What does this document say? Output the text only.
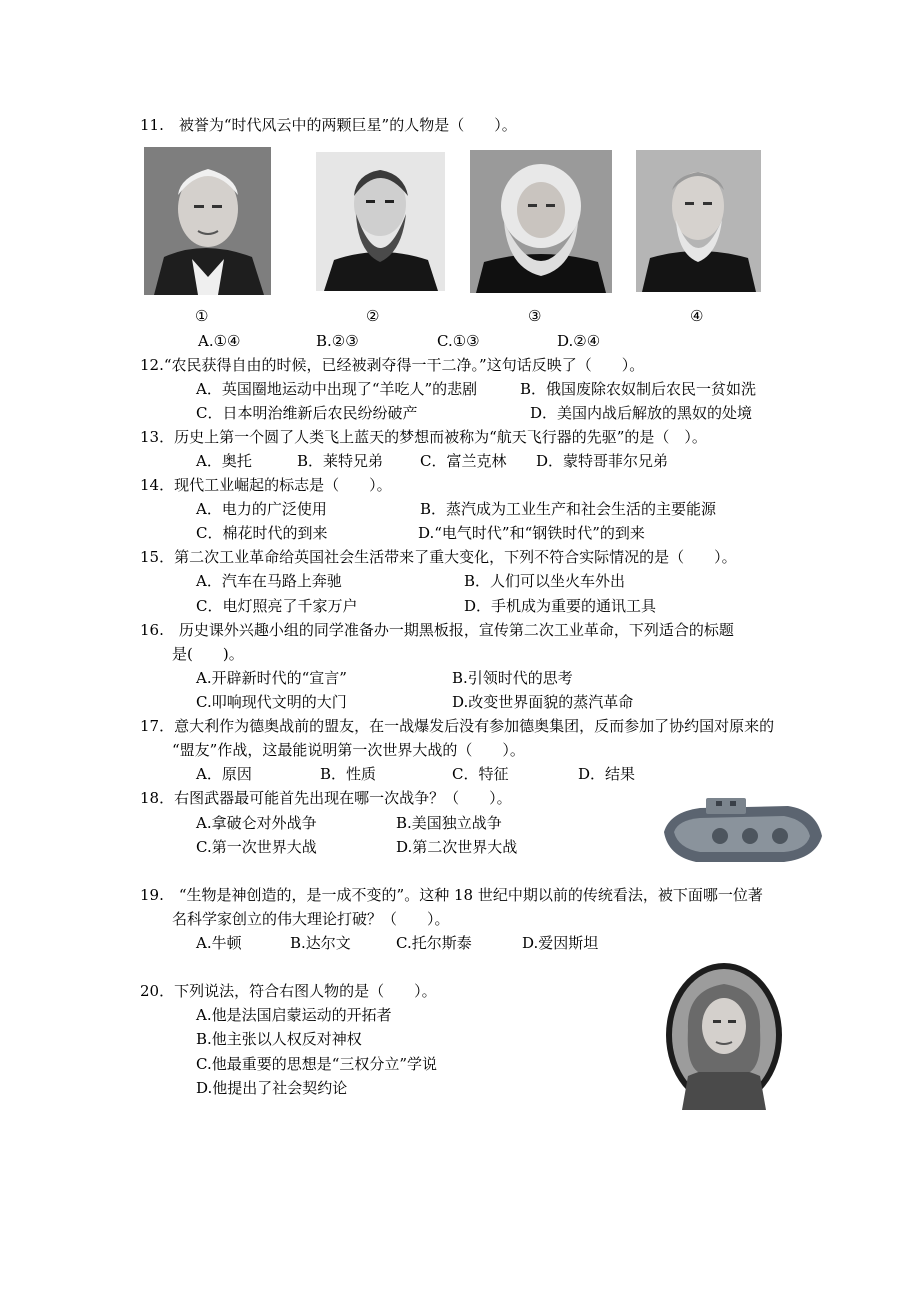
11.　被誉为“时代风云中的两颗巨星”的人物是（　　）。
①	②	③	④
A.①④	B.②③	C.①③	D.②④
12.“农民获得自由的时候，已经被剥夺得一干二净。”这句话反映了（　　）。
A．英国圈地运动中出现了“羊吃人”的悲剧	B．俄国废除农奴制后农民一贫如洗
C．日本明治维新后农民纷纷破产	D．美国内战后解放的黑奴的处境
13．历史上第一个圆了人类飞上蓝天的梦想而被称为“航天飞行器的先驱”的是（　）。
A．奥托	B．莱特兄弟 C．富兰克林 D．蒙特哥菲尔兄弟
14．现代工业崛起的标志是（　　）。
A．电力的广泛使用	B．蒸汽成为工业生产和社会生活的主要能源
C．棉花时代的到来	D.“电气时代”和“钢铁时代”的到来
15．第二次工业革命给英国社会生活带来了重大变化，下列不符合实际情况的是（　　）。
A．汽车在马路上奔驰	B．人们可以坐火车外出
C．电灯照亮了千家万户	D．手机成为重要的通讯工具
16.　历史课外兴趣小组的同学准备办一期黑板报，宣传第二次工业革命，下列适合的标题
是(　　)。
A.开辟新时代的“宣言”	B.引领时代的思考
C.叩响现代文明的大门	D.改变世界面貌的蒸汽革命
17．意大利作为德奥战前的盟友，在一战爆发后没有参加德奥集团，反而参加了协约国对原来的
“盟友”作战，这最能说明第一次世界大战的（　　）。
A．原因	B．性质	C．特征	D．结果
18．右图武器最可能首先出现在哪一次战争？（　　）。
A.拿破仑对外战争	B.美国独立战争
C.第一次世界大战	D.第二次世界大战
19.　“生物是神创造的，是一成不变的”。这种 18 世纪中期以前的传统看法，被下面哪一位著
名科学家创立的伟大理论打破？（　　）。
A.牛顿	B.达尔文	C.托尔斯泰	D.爱因斯坦
20．下列说法，符合右图人物的是（　　）。
A.他是法国启蒙运动的开拓者
B.他主张以人权反对神权
C.他最重要的思想是“三权分立”学说
D.他提出了社会契约论
